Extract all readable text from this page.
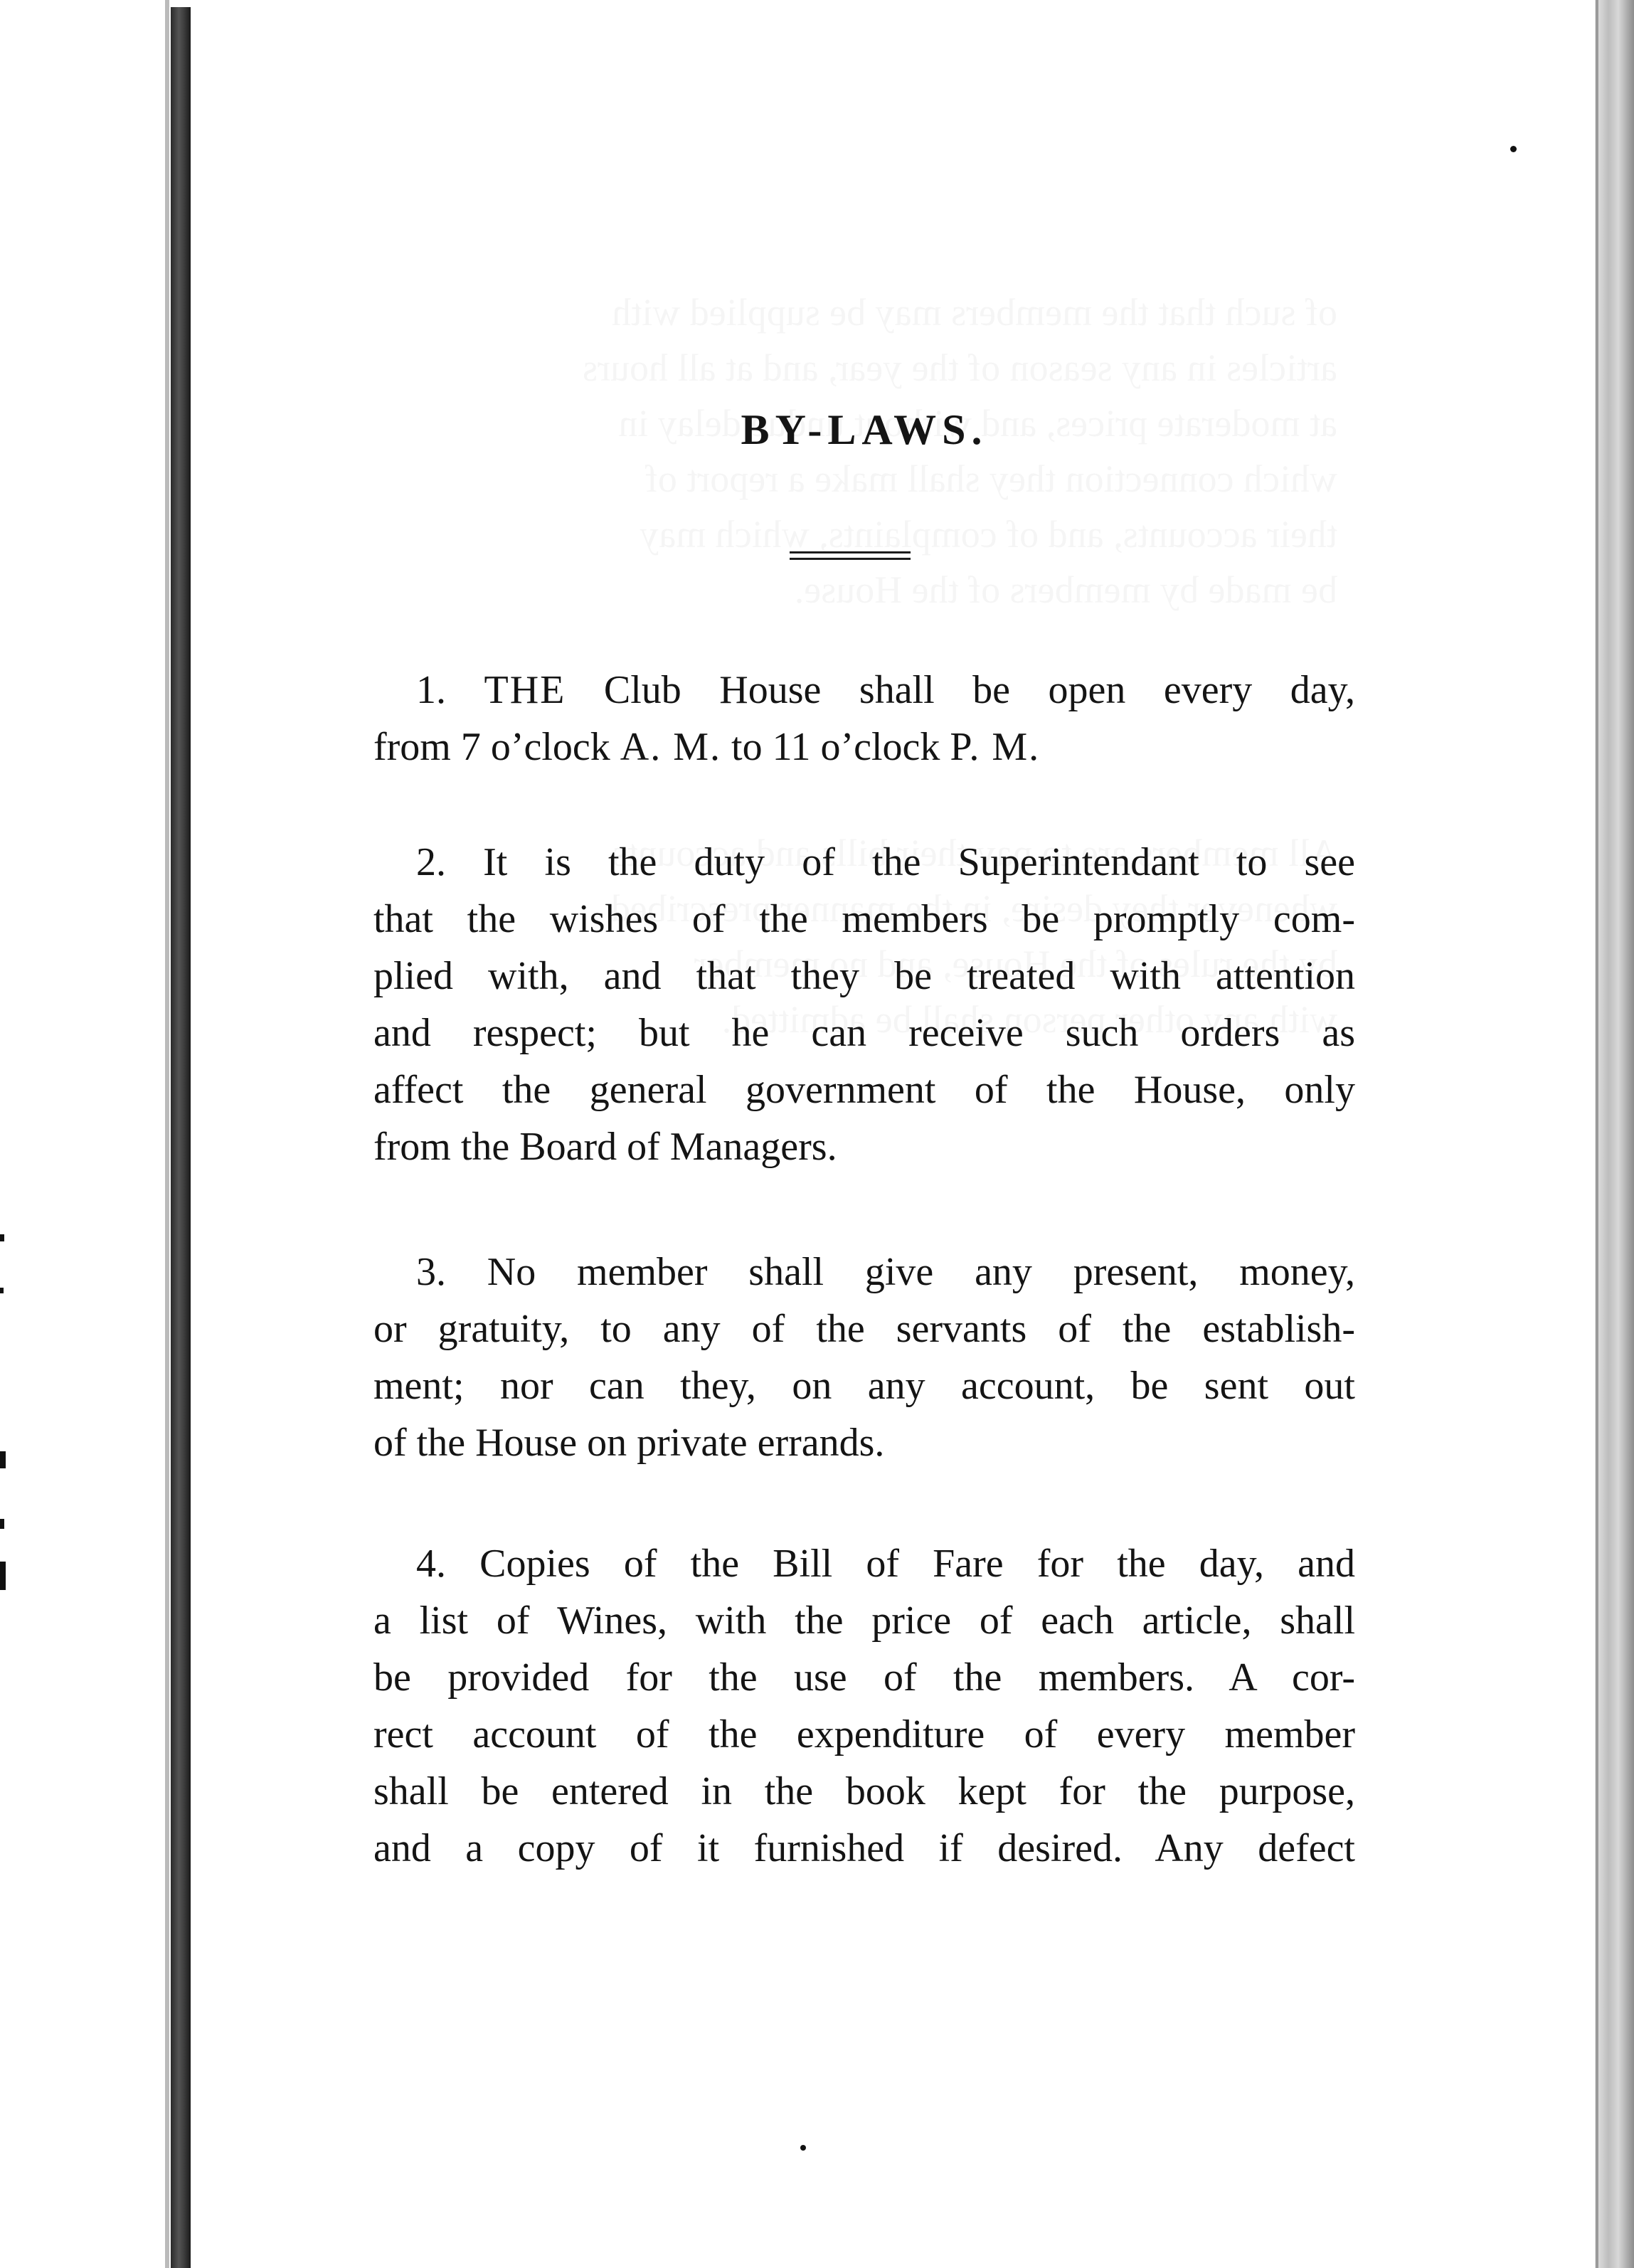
BY-LAWS.
1. THE Club House shall be open every day,
from 7 o’clock A. M. to 11 o’clock P. M.
2. It is the duty of the Superintendant to see
that the wishes of the members be promptly com-
plied with, and that they be treated with attention
and respect; but he can receive such orders as
affect the general government of the House, only
from the Board of Managers.
3. No member shall give any present, money,
or gratuity, to any of the servants of the establish-
ment; nor can they, on any account, be sent out
of the House on private errands.
4. Copies of the Bill of Fare for the day, and
a list of Wines, with the price of each article, shall
be provided for the use of the members. A cor-
rect account of the expenditure of every member
shall be entered in the book kept for the purpose,
and a copy of it furnished if desired. Any defect
